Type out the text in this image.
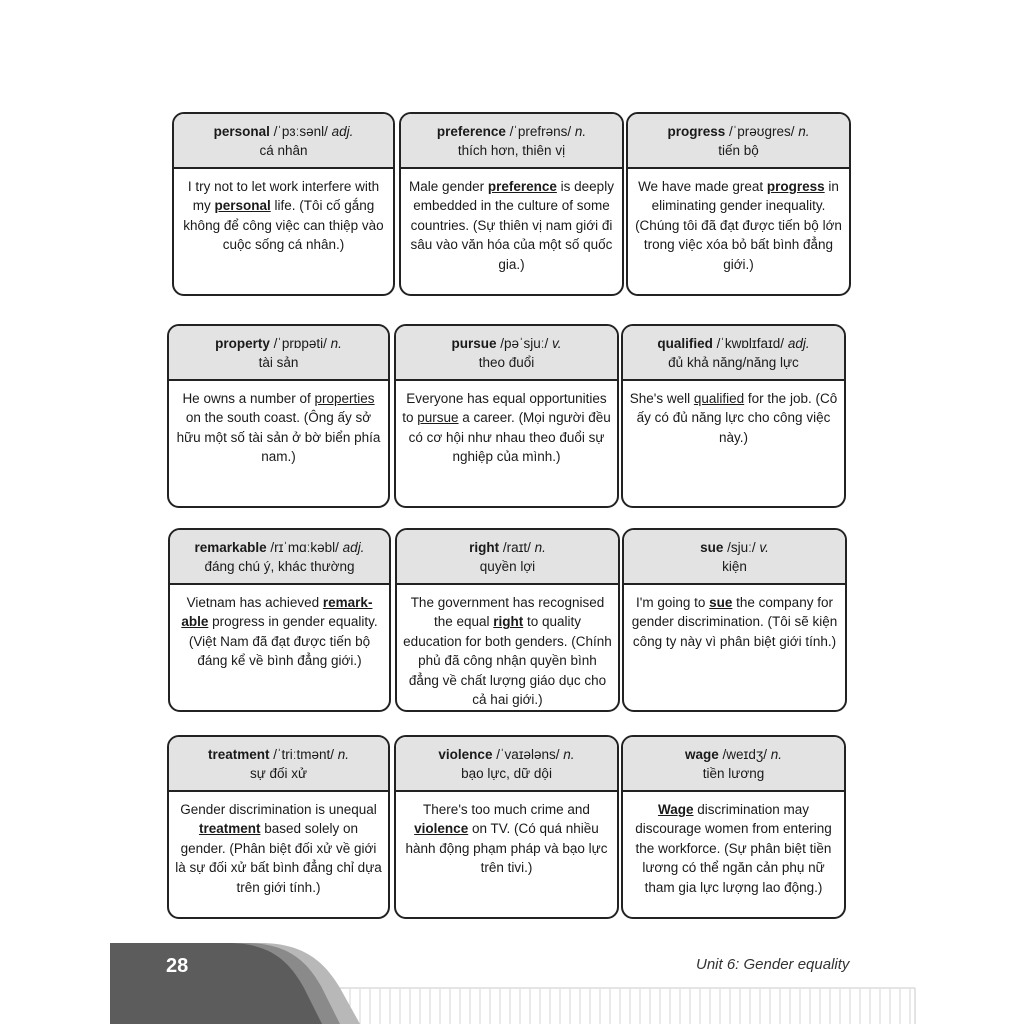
personal /ˈpɜːsənl/ adj.
cá nhân
I try not to let work interfere with my personal life. (Tôi cố gắng không để công việc can thiệp vào cuộc sống cá nhân.)
preference /ˈprefrəns/ n.
thích hơn, thiên vị
Male gender preference is deeply embedded in the culture of some countries. (Sự thiên vị nam giới đi sâu vào văn hóa của một số quốc gia.)
progress /ˈprəʊgres/ n.
tiến bộ
We have made great progress in eliminating gender inequality. (Chúng tôi đã đạt được tiến bộ lớn trong việc xóa bỏ bất bình đẳng giới.)
property /ˈprɒpəti/ n.
tài sản
He owns a number of properties on the south coast. (Ông ấy sở hữu một số tài sản ở bờ biển phía nam.)
pursue /pəˈsjuː/ v.
theo đuổi
Everyone has equal opportunities to pursue a career. (Mọi người đều có cơ hội như nhau theo đuổi sự nghiệp của mình.)
qualified /ˈkwɒlɪfaɪd/ adj.
đủ khả năng/năng lực
She's well qualified for the job. (Cô ấy có đủ năng lực cho công việc này.)
remarkable /rɪˈmɑːkəbl/ adj.
đáng chú ý, khác thường
Vietnam has achieved remark-able progress in gender equality. (Việt Nam đã đạt được tiến bộ đáng kể về bình đẳng giới.)
right /raɪt/ n.
quyền lợi
The government has recognised the equal right to quality education for both genders. (Chính phủ đã công nhận quyền bình đẳng về chất lượng giáo dục cho cả hai giới.)
sue /sjuː/ v.
kiện
I'm going to sue the company for gender discrimination. (Tôi sẽ kiện công ty này vì phân biệt giới tính.)
treatment /ˈtriːtmənt/ n.
sự đối xử
Gender discrimination is unequal treatment based solely on gender. (Phân biệt đối xử về giới là sự đối xử bất bình đẳng chỉ dựa trên giới tính.)
violence /ˈvaɪələns/ n.
bạo lực, dữ dội
There's too much crime and violence on TV. (Có quá nhiều hành động phạm pháp và bạo lực trên tivi.)
wage /weɪdʒ/ n.
tiền lương
Wage discrimination may discourage women from entering the workforce. (Sự phân biệt tiền lương có thể ngăn cản phụ nữ tham gia lực lượng lao động.)
28	Unit 6: Gender equality
